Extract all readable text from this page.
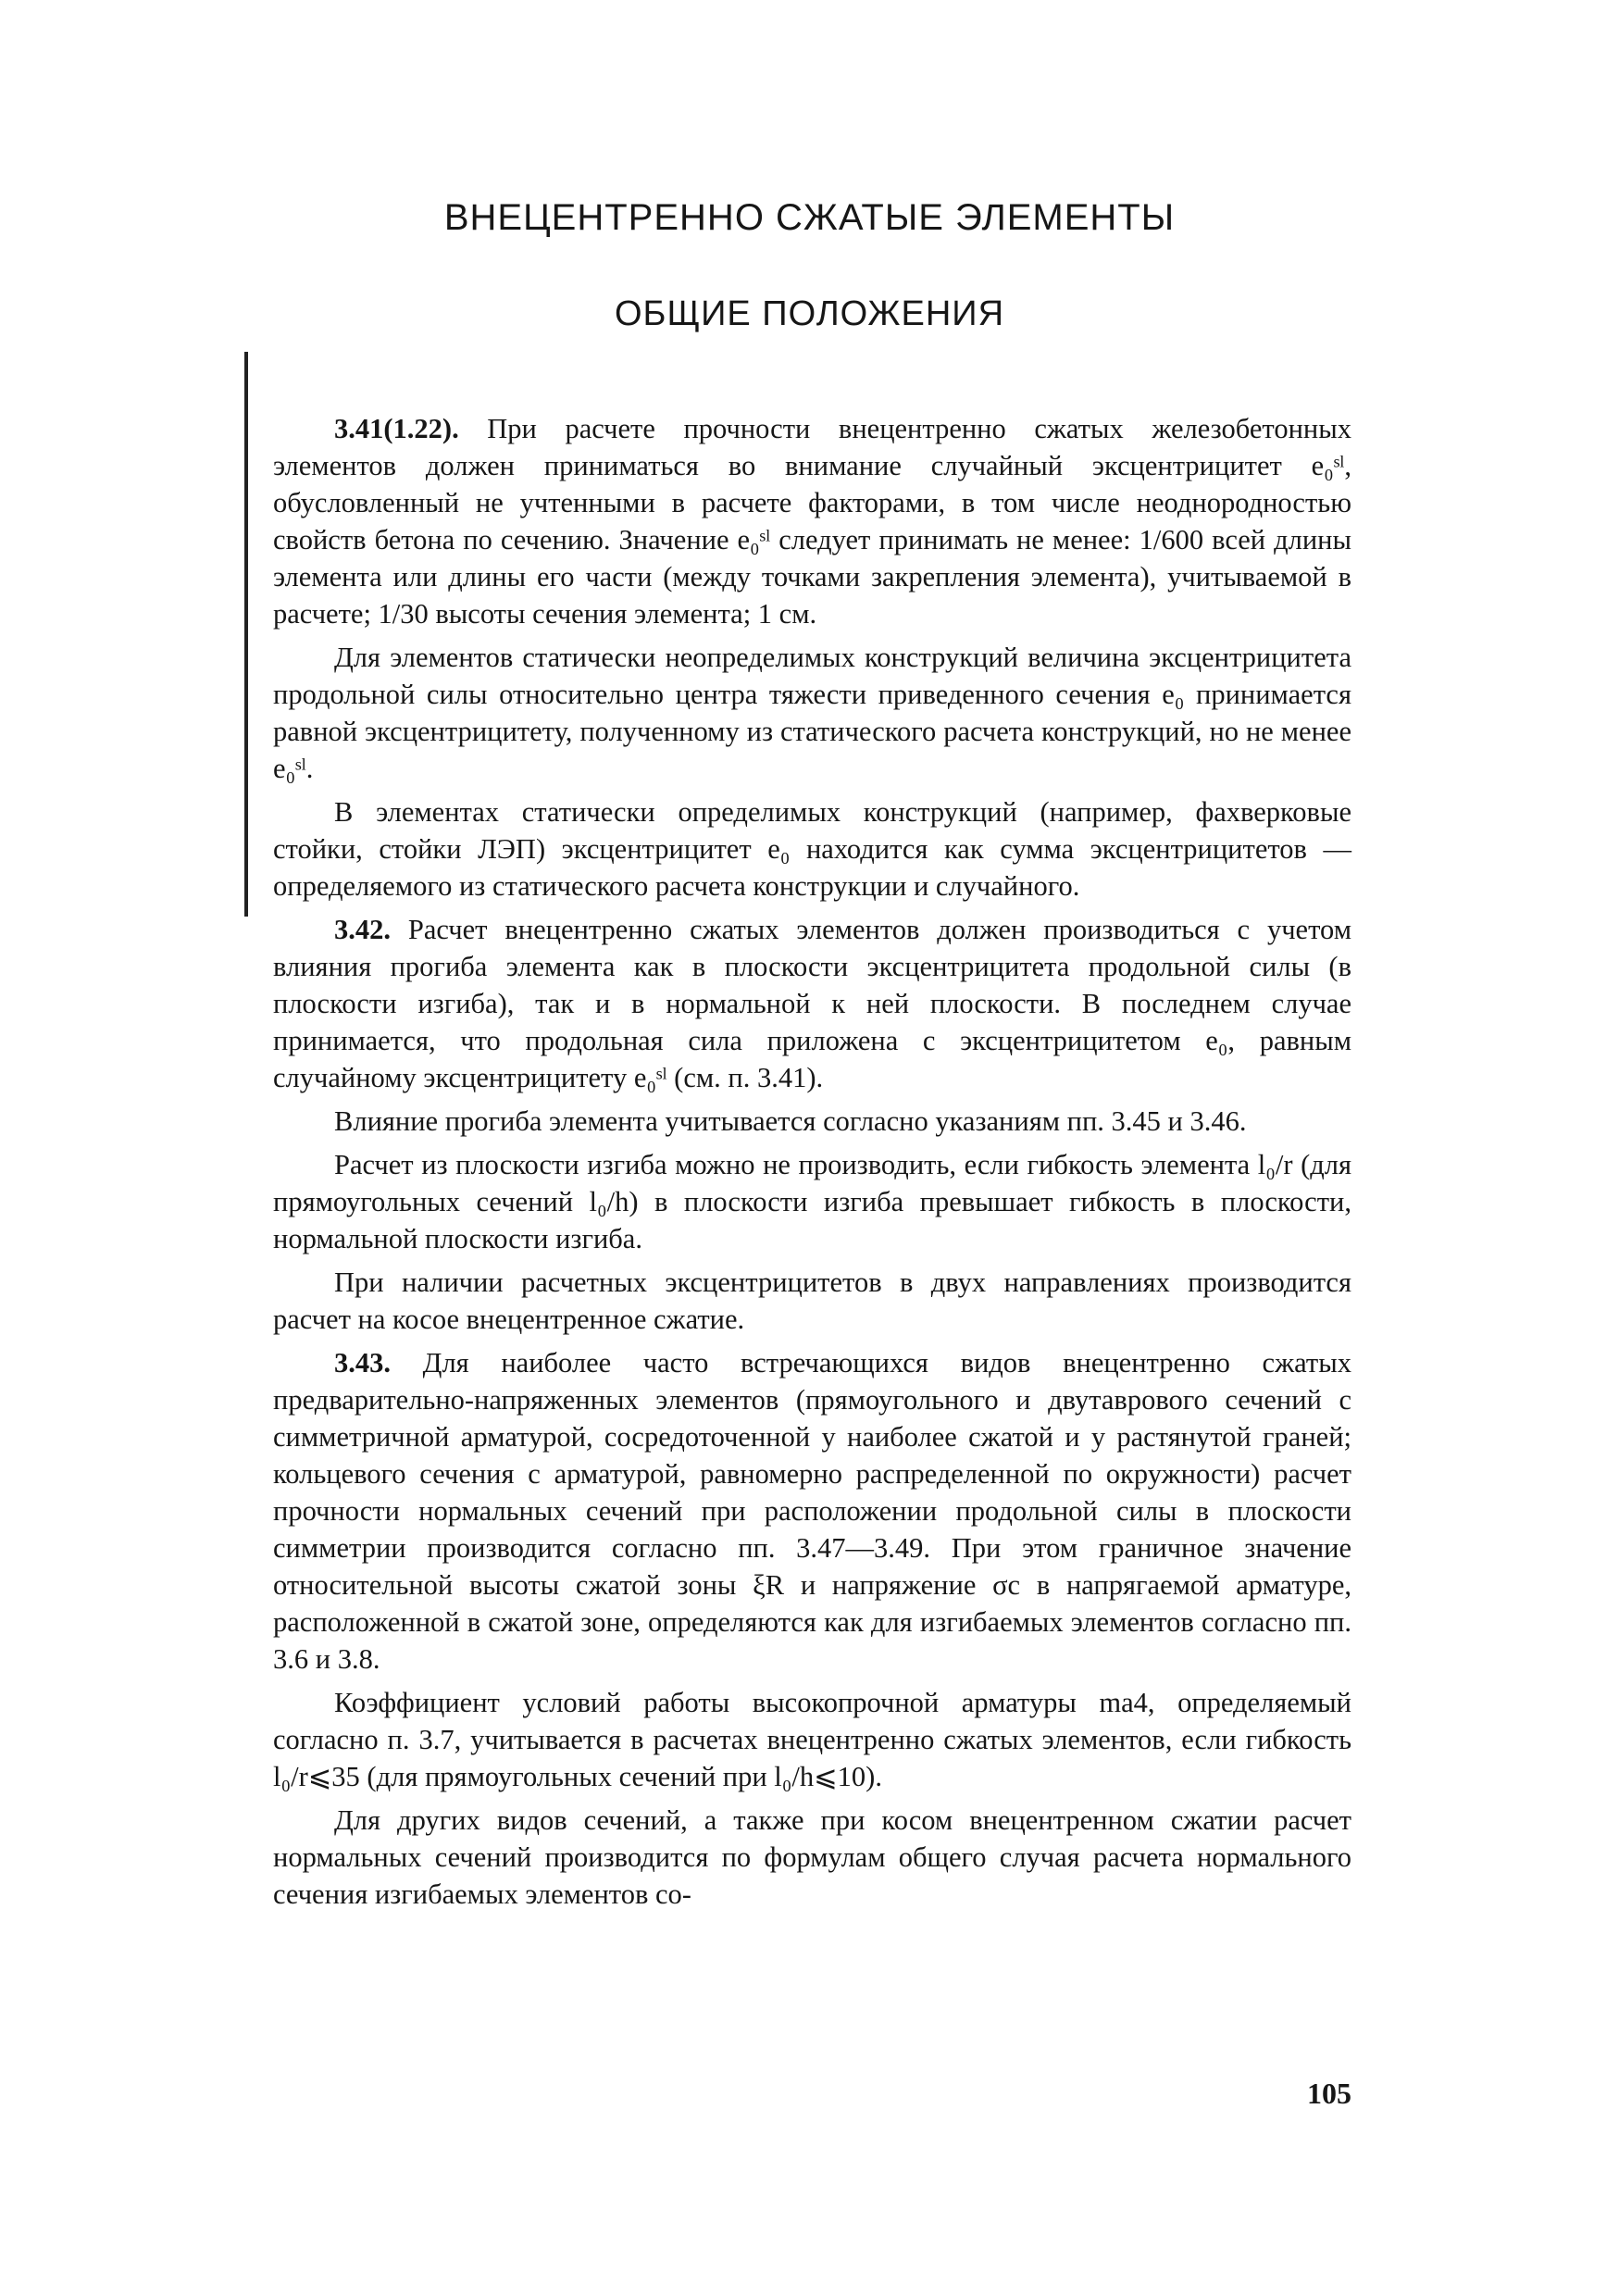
ВНЕЦЕНТРЕННО СЖАТЫЕ ЭЛЕМЕНТЫ
ОБЩИЕ ПОЛОЖЕНИЯ

3.41(1.22). При расчете прочности внецентренно сжатых железобетонных элементов должен приниматься во внимание случайный эксцентрицитет e₀ˢˡ, обусловленный не учтенными в расчете факторами, в том числе неоднородностью свойств бетона по сечению. Значение e₀ˢˡ следует принимать не менее: 1/600 всей длины элемента или длины его части (между точками закрепления элемента), учитываемой в расчете; 1/30 высоты сечения элемента; 1 см.

Для элементов статически неопределимых конструкций величина эксцентрицитета продольной силы относительно центра тяжести приведенного сечения e₀ принимается равной эксцентрицитету, полученному из статического расчета конструкций, но не менее e₀ˢˡ.

В элементах статически определимых конструкций (например, фахверковые стойки, стойки ЛЭП) эксцентрицитет e₀ находится как сумма эксцентрицитетов — определяемого из статического расчета конструкции и случайного.

3.42. Расчет внецентренно сжатых элементов должен производиться с учетом влияния прогиба элемента как в плоскости эксцентрицитета продольной силы (в плоскости изгиба), так и в нормальной к ней плоскости. В последнем случае принимается, что продольная сила приложена с эксцентрицитетом e₀, равным случайному эксцентрицитету e₀ˢˡ (см. п. 3.41).

Влияние прогиба элемента учитывается согласно указаниям пп. 3.45 и 3.46.

Расчет из плоскости изгиба можно не производить, если гибкость элемента l₀/r (для прямоугольных сечений l₀/h) в плоскости изгиба превышает гибкость в плоскости, нормальной плоскости изгиба.

При наличии расчетных эксцентрицитетов в двух направлениях производится расчет на косое внецентренное сжатие.

3.43. Для наиболее часто встречающихся видов внецентренно сжатых предварительно-напряженных элементов (прямоугольного и двутаврового сечений с симметричной арматурой, сосредоточенной у наиболее сжатой и у растянутой граней; кольцевого сечения с арматурой, равномерно распределенной по окружности) расчет прочности нормальных сечений при расположении продольной силы в плоскости симметрии производится согласно пп. 3.47—3.49. При этом граничное значение относительной высоты сжатой зоны ξR и напряжение σc в напрягаемой арматуре, расположенной в сжатой зоне, определяются как для изгибаемых элементов согласно пп. 3.6 и 3.8.

Коэффициент условий работы высокопрочной арматуры ma4, определяемый согласно п. 3.7, учитывается в расчетах внецентренно сжатых элементов, если гибкость l₀/r⩽35 (для прямоугольных сечений при l₀/h⩽10).

Для других видов сечений, а также при косом внецентренном сжатии расчет нормальных сечений производится по формулам общего случая расчета нормального сечения изгибаемых элементов со-

105
